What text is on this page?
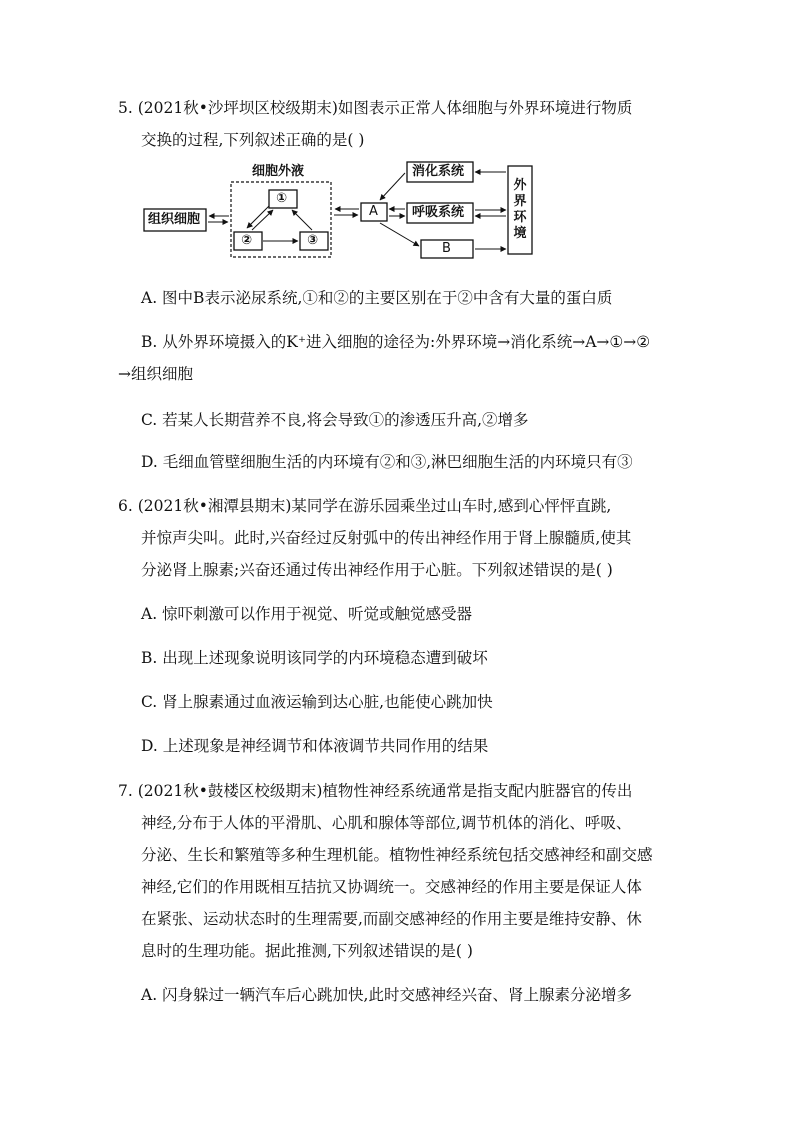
5. (2021秋•沙坪坝区校级期末)如图表示正常人体细胞与外界环境进行物质
交换的过程,下列叙述正确的是( )
细胞外液
组织细胞
①
②	③
A
消化系统
呼吸系统
B
外界环境
A. 图中B表示泌尿系统,①和②的主要区别在于②中含有大量的蛋白质
B. 从外界环境摄入的K⁺进入细胞的途径为:外界环境→消化系统→A→①→②
→组织细胞
C. 若某人长期营养不良,将会导致①的渗透压升高,②增多
D. 毛细血管壁细胞生活的内环境有②和③,淋巴细胞生活的内环境只有③
6. (2021秋•湘潭县期末)某同学在游乐园乘坐过山车时,感到心怦怦直跳,
并惊声尖叫。此时,兴奋经过反射弧中的传出神经作用于肾上腺髓质,使其
分泌肾上腺素;兴奋还通过传出神经作用于心脏。下列叙述错误的是( )
A. 惊吓刺激可以作用于视觉、听觉或触觉感受器
B. 出现上述现象说明该同学的内环境稳态遭到破坏
C. 肾上腺素通过血液运输到达心脏,也能使心跳加快
D. 上述现象是神经调节和体液调节共同作用的结果
7. (2021秋•鼓楼区校级期末)植物性神经系统通常是指支配内脏器官的传出
神经,分布于人体的平滑肌、心肌和腺体等部位,调节机体的消化、呼吸、
分泌、生长和繁殖等多种生理机能。植物性神经系统包括交感神经和副交感
神经,它们的作用既相互拮抗又协调统一。交感神经的作用主要是保证人体
在紧张、运动状态时的生理需要,而副交感神经的作用主要是维持安静、休
息时的生理功能。据此推测,下列叙述错误的是( )
A. 闪身躲过一辆汽车后心跳加快,此时交感神经兴奋、肾上腺素分泌增多
